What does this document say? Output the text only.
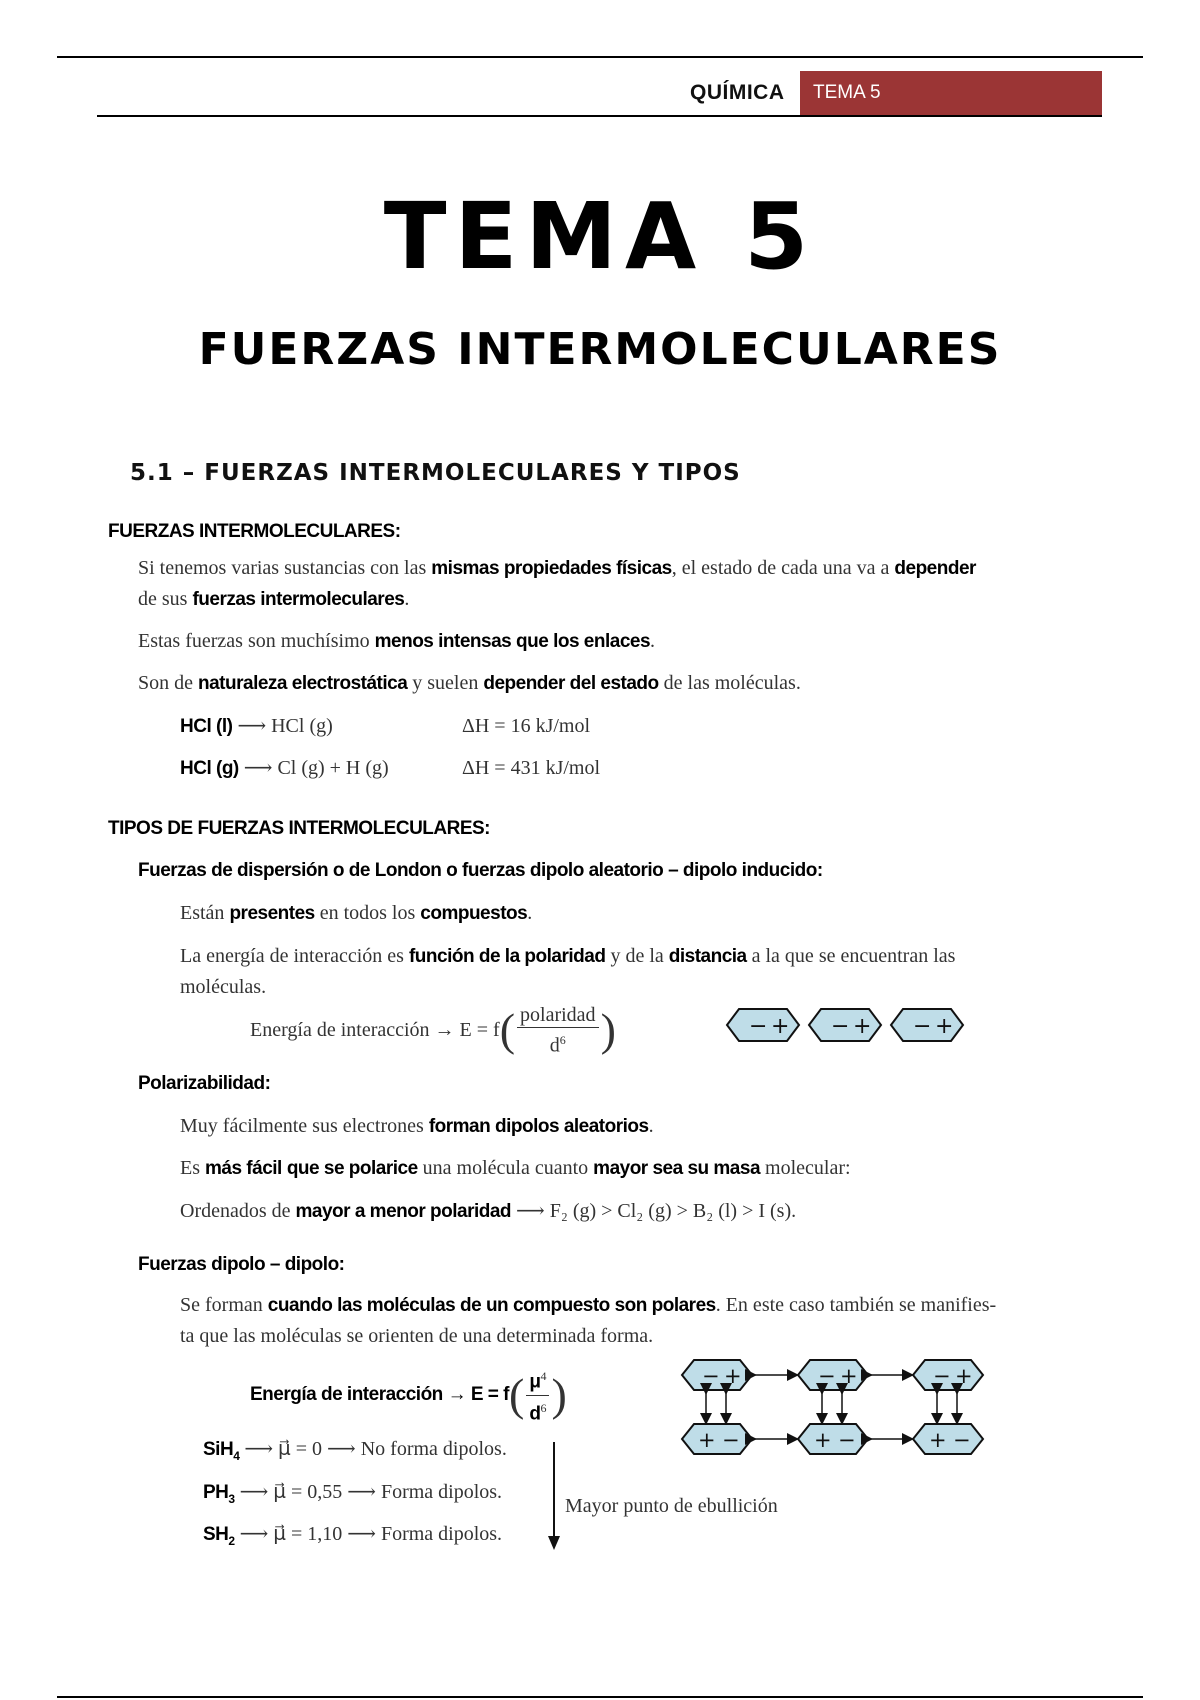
QUÍMICA TEMA 5
TEMA 5
FUERZAS INTERMOLECULARES
5.1 – FUERZAS INTERMOLECULARES Y TIPOS
FUERZAS INTERMOLECULARES:
Si tenemos varias sustancias con las mismas propiedades físicas, el estado de cada una va a depender
de sus fuerzas intermoleculares.
Estas fuerzas son muchísimo menos intensas que los enlaces.
Son de naturaleza electrostática y suelen depender del estado de las moléculas.
HCl (l) ⟶ HCl (g)	ΔH = 16 kJ/mol
HCl (g) ⟶ Cl (g) + H (g)	ΔH = 431 kJ/mol
TIPOS DE FUERZAS INTERMOLECULARES:
Fuerzas de dispersión o de London o fuerzas dipolo aleatorio – dipolo inducido:
Están presentes en todos los compuestos.
La energía de interacción es función de la polaridad y de la distancia a la que se encuentran las
moléculas.
Energía de interacción → E = f ( $\frac{\text{polaridad}}{d^6}$ )	− + − + − +
Polarizabilidad:
Muy fácilmente sus electrones forman dipolos aleatorios.
Es más fácil que se polarice una molécula cuanto mayor sea su masa molecular:
Ordenados de mayor a menor polaridad ⟶ F₂ (g) > Cl₂ (g) > B₂ (l) > I (s).
Fuerzas dipolo – dipolo:
Se forman cuando las moléculas de un compuesto son polares. En este caso también se manifies-
ta que las moléculas se orienten de una determinada forma.
Energía de interacción → E = f ( $\frac{\mu^4}{d^6}$ )
SiH$_4$ ⟶ μ⃗ = 0 ⟶ No forma dipolos.
$PH_3$ ⟶ μ⃗ = 0,55 ⟶ Forma dipolos.
$SH_2$ ⟶ μ⃗ = 1,10 ⟶ Forma dipolos.
Mayor punto de ebullición
− +	− +	− +
+ −	+ −	+ −
